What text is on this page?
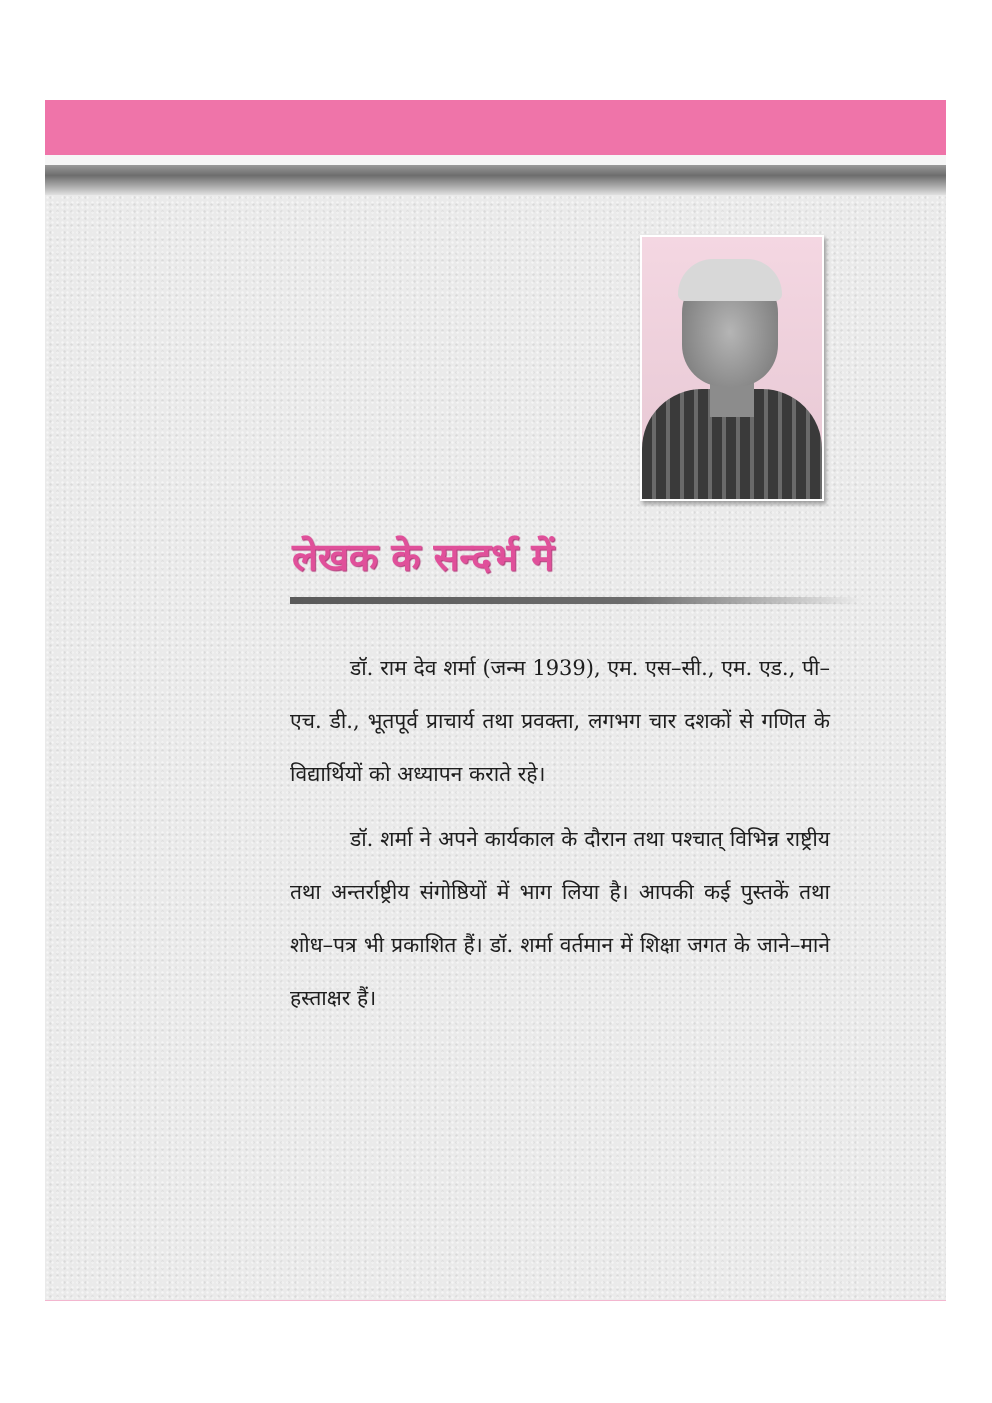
लेखक के सन्दर्भ में

डॉ. राम देव शर्मा (जन्म 1939), एम. एस–सी., एम. एड., पी–एच. डी., भूतपूर्व प्राचार्य तथा प्रवक्ता, लगभग चार दशकों से गणित के विद्यार्थियों को अध्यापन कराते रहे।

डॉ. शर्मा ने अपने कार्यकाल के दौरान तथा पश्चात् विभिन्न राष्ट्रीय तथा अन्तर्राष्ट्रीय संगोष्ठियों में भाग लिया है। आपकी कई पुस्तकें तथा शोध–पत्र भी प्रकाशित हैं। डॉ. शर्मा वर्तमान में शिक्षा जगत के जाने–माने हस्ताक्षर हैं।
